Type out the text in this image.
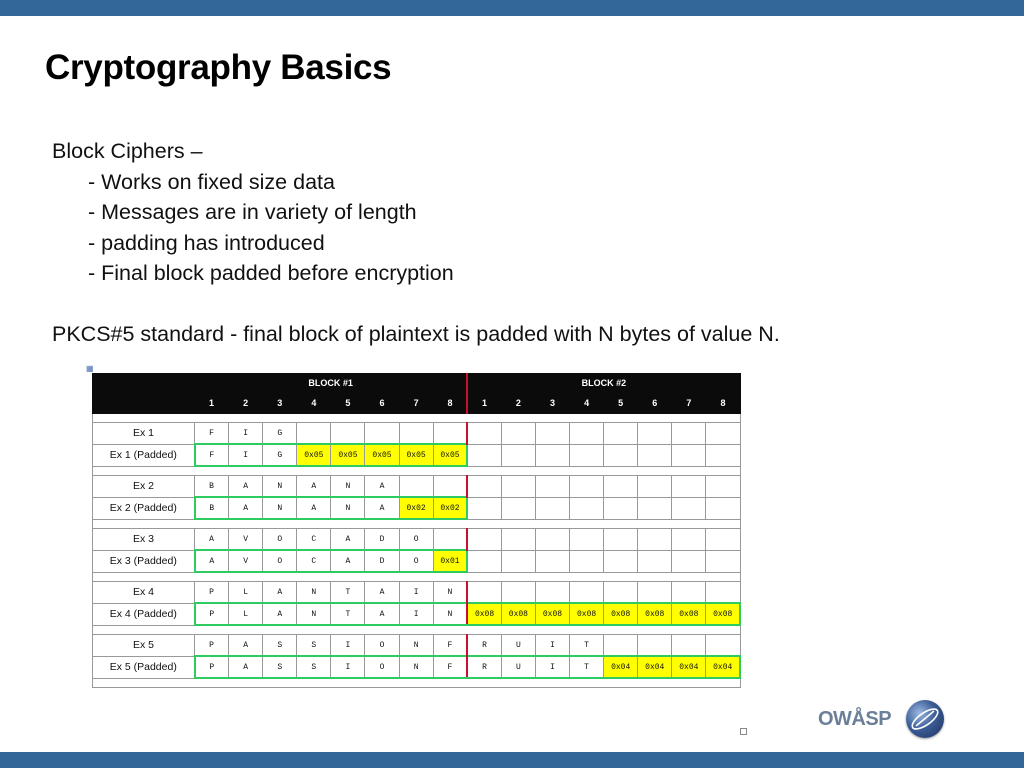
Cryptography Basics
Block Ciphers –
- Works on fixed size data
- Messages are in variety of length
- padding has introduced
- Final block padded before encryption
PKCS#5 standard - final block of plaintext is padded with N bytes of value N.
▦
	BLOCK #1								BLOCK #2							
	1	2	3	4	5	6	7	8	1	2	3	4	5	6	7	8

Ex 1	F	I	G													
Ex 1 (Padded)	F	I	G	0x05	0x05	0x05	0x05	0x05								

Ex 2	B	A	N	A	N	A										
Ex 2 (Padded)	B	A	N	A	N	A	0x02	0x02								

Ex 3	A	V	O	C	A	D	O									
Ex 3 (Padded)	A	V	O	C	A	D	O	0x01								

Ex 4	P	L	A	N	T	A	I	N								
Ex 4 (Padded)	P	L	A	N	T	A	I	N	0x08	0x08	0x08	0x08	0x08	0x08	0x08	0x08

Ex 5	P	A	S	S	I	O	N	F	R	U	I	T				
Ex 5 (Padded)	P	A	S	S	I	O	N	F	R	U	I	T	0x04	0x04	0x04	0x04

OWÅSP
